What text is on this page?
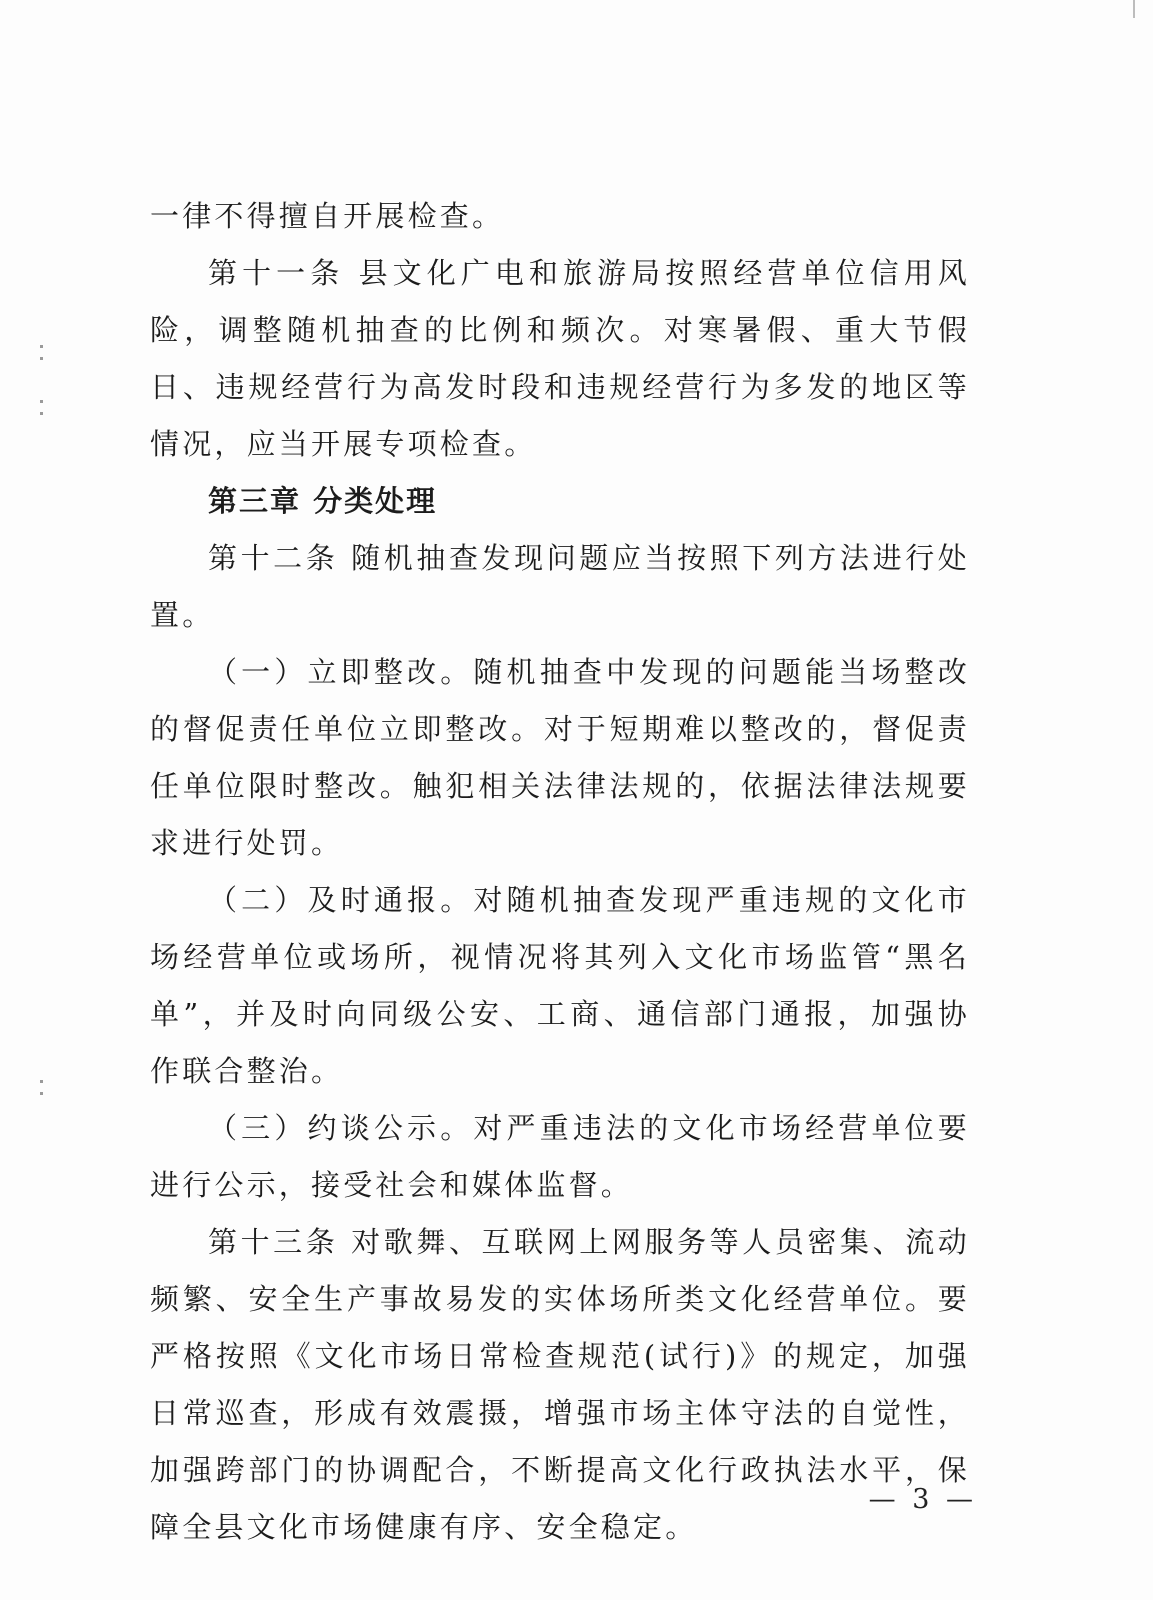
一律不得擅自开展检查。

第十一条 县文化广电和旅游局按照经营单位信用风险，调整随机抽查的比例和频次。对寒暑假、重大节假日、违规经营行为高发时段和违规经营行为多发的地区等情况，应当开展专项检查。

第三章 分类处理

第十二条 随机抽查发现问题应当按照下列方法进行处置。

（一）立即整改。随机抽查中发现的问题能当场整改的督促责任单位立即整改。对于短期难以整改的，督促责任单位限时整改。触犯相关法律法规的，依据法律法规要求进行处罚。

（二）及时通报。对随机抽查发现严重违规的文化市场经营单位或场所，视情况将其列入文化市场监管“黑名单”，并及时向同级公安、工商、通信部门通报，加强协作联合整治。

（三）约谈公示。对严重违法的文化市场经营单位要进行公示，接受社会和媒体监督。

第十三条 对歌舞、互联网上网服务等人员密集、流动频繁、安全生产事故易发的实体场所类文化经营单位。要严格按照《文化市场日常检查规范(试行)》的规定，加强日常巡查，形成有效震摄，增强市场主体守法的自觉性，加强跨部门的协调配合，不断提高文化行政执法水平，保障全县文化市场健康有序、安全稳定。

— 3 —
